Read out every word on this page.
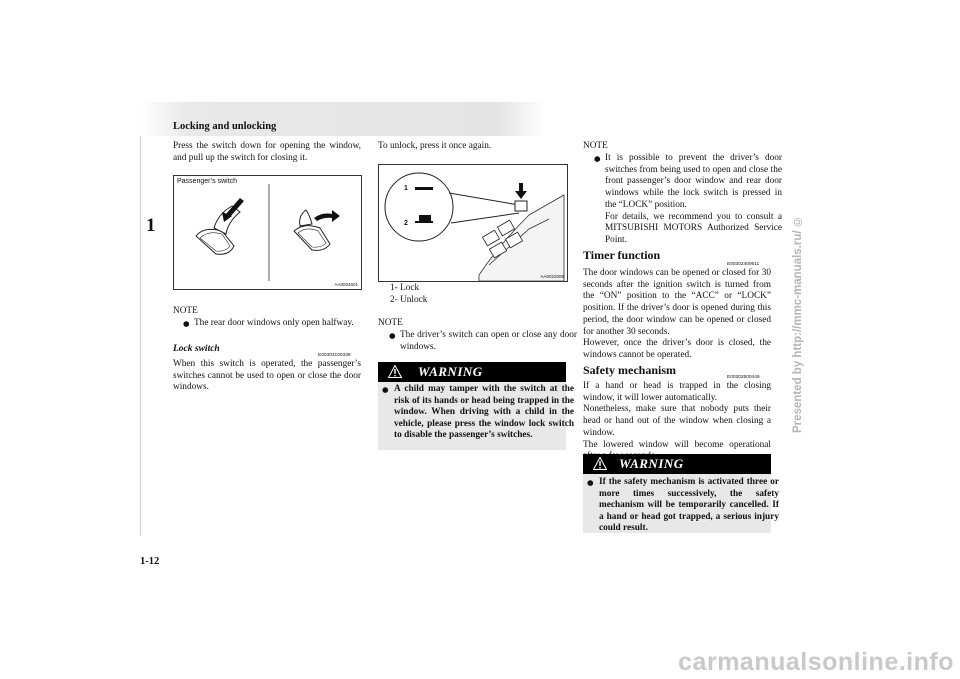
Locking and unlocking
1
1-12
Presented by http://mmc-manuals.ru/ ©
carmanualsonline.info

Press the switch down for opening the window, and pull up the switch for closing it.

Passenger’s switch
AA0004501
NOTE
● The rear door windows only open halfway.
Lock switch
E00303100338

When this switch is operated, the passenger’s switches cannot be used to open or close the door windows.

To unlock, press it once again.

1
2
AA0022008
1- Lock
2- Unlock
NOTE
● The driver’s switch can open or close any door windows.
WARNING
● A child may tamper with the switch at the risk of its hands or head being trapped in the window. When driving with a child in the vehicle, please press the window lock switch to disable the passenger’s switches.
NOTE
● It is possible to prevent the driver’s door switches from being used to open and close the front passenger’s door window and rear door windows while the lock switch is pressed in the “LOCK” position.
For details, we recommend you to consult a MITSUBISHI MOTORS Authorized Service Point.
Timer function
E00302400611

The door windows can be opened or closed for 30 seconds after the ignition switch is turned from the “ON” position to the “ACC” or “LOCK” position. If the driver’s door is opened during this period, the door window can be opened or closed for another 30 seconds.

However, once the driver’s door is closed, the windows cannot be operated.

Safety mechanism
E00302500449

If a hand or head is trapped in the closing window, it will lower automatically.

Nonetheless, make sure that nobody puts their head or hand out of the window when closing a window.

The lowered window will become operational

WARNING
● If the safety mechanism is activated three or more times successively, the safety mechanism will be temporarily cancelled. If a hand or head got trapped, a serious injury could result.
